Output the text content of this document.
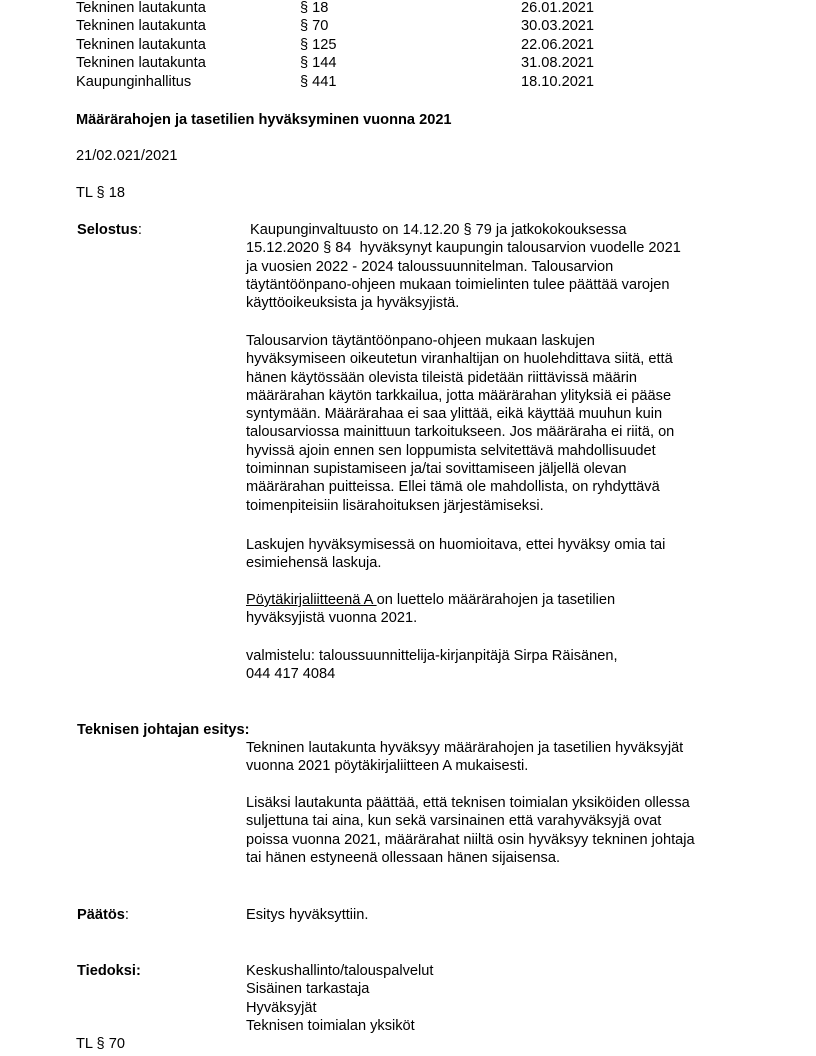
Tekninen lautakunta	§ 18	26.01.2021
Tekninen lautakunta	§ 70	30.03.2021
Tekninen lautakunta	§ 125	22.06.2021
Tekninen lautakunta	§ 144	31.08.2021
Kaupunginhallitus	§ 441	18.10.2021
Määrärahojen ja tasetilien hyväksyminen vuonna 2021
21/02.021/2021
TL § 18
Selostus:	Kaupunginvaltuusto on 14.12.20 § 79 ja jatkokokouksessa
15.12.2020 § 84  hyväksynyt kaupungin talousarvion vuodelle 2021
ja vuosien 2022 - 2024 taloussuunnitelman. Talousarvion
täytäntöönpano-ohjeen mukaan toimielinten tulee päättää varojen
käyttöoikeuksista ja hyväksyjistä.
Talousarvion täytäntöönpano-ohjeen mukaan laskujen
hyväksymiseen oikeutetun viranhaltijan on huolehdittava siitä, että
hänen käytössään olevista tileistä pidetään riittävissä määrin
määrärahan käytön tarkkailua, jotta määrärahan ylityksiä ei pääse
syntymään. Määrärahaa ei saa ylittää, eikä käyttää muuhun kuin
talousarviossa mainittuun tarkoitukseen. Jos määräraha ei riitä, on
hyvissä ajoin ennen sen loppumista selvitettävä mahdollisuudet
toiminnan supistamiseen ja/tai sovittamiseen jäljellä olevan
määrärahan puitteissa. Ellei tämä ole mahdollista, on ryhdyttävä
toimenpiteisiin lisärahoituksen järjestämiseksi.
Laskujen hyväksymisessä on huomioitava, ettei hyväksy omia tai
esimiehensä laskuja.
Pöytäkirjaliitteenä A on luettelo määrärahojen ja tasetilien
hyväksyjistä vuonna 2021.
valmistelu: taloussuunnittelija-kirjanpitäjä Sirpa Räisänen,
044 417 4084
Teknisen johtajan esitys:
Tekninen lautakunta hyväksyy määrärahojen ja tasetilien hyväksyjät
vuonna 2021 pöytäkirjaliitteen A mukaisesti.
Lisäksi lautakunta päättää, että teknisen toimialan yksiköiden ollessa
suljettuna tai aina, kun sekä varsinainen että varahyväksyjä ovat
poissa vuonna 2021, määrärahat niiltä osin hyväksyy tekninen johtaja
tai hänen estyneenä ollessaan hänen sijaisensa.
Päätös:	Esitys hyväksyttiin.
Tiedoksi:	Keskushallinto/talouspalvelut
Sisäinen tarkastaja
Hyväksyjät
Teknisen toimialan yksiköt
TL § 70
